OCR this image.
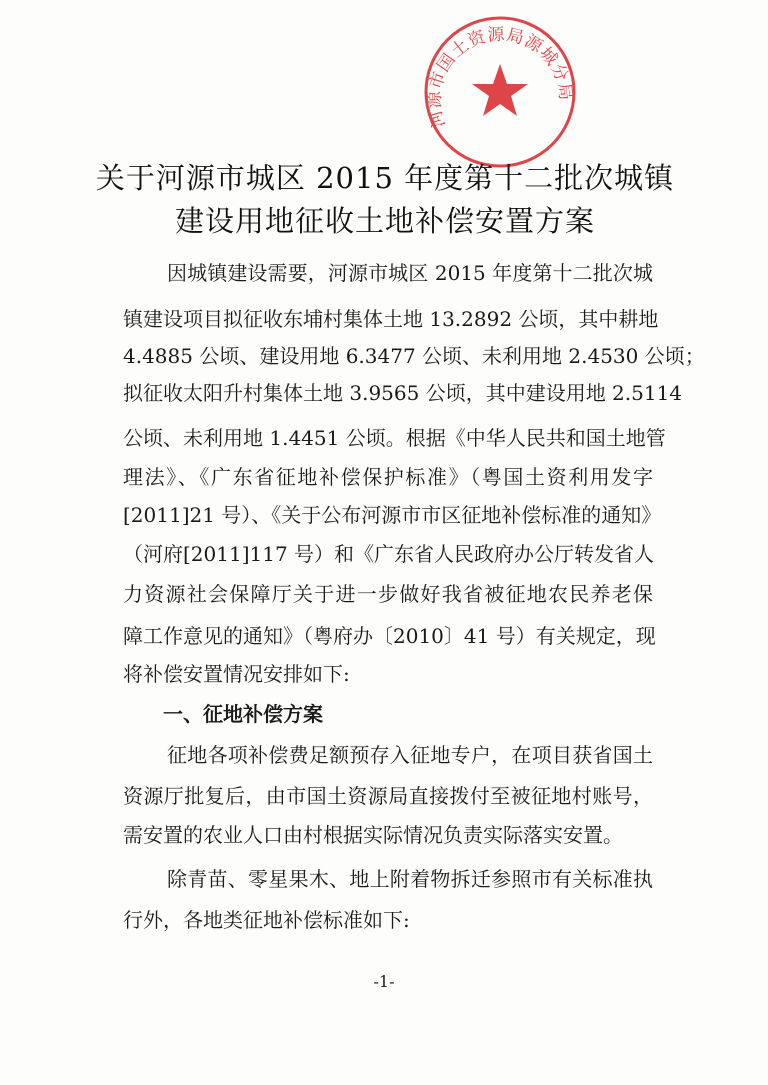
河源市国土资源局源城分局
关于河源市城区 2015 年度第十二批次城镇
建设用地征收土地补偿安置方案
因城镇建设需要，河源市城区 2015 年度第十二批次城
镇建设项目拟征收东埔村集体土地 13.2892 公顷，其中耕地
4.4885 公顷、建设用地 6.3477 公顷、未利用地 2.4530 公顷；
拟征收太阳升村集体土地 3.9565 公顷，其中建设用地 2.5114
公顷、未利用地 1.4451 公顷。根据《中华人民共和国土地管
理法》、《广东省征地补偿保护标准》（粤国土资利用发字
[2011]21 号）、《关于公布河源市市区征地补偿标准的通知》
（河府[2011]117 号）和《广东省人民政府办公厅转发省人
力资源社会保障厅关于进一步做好我省被征地农民养老保
障工作意见的通知》（粤府办〔2010〕41 号）有关规定，现
将补偿安置情况安排如下:
一、征地补偿方案
征地各项补偿费足额预存入征地专户，在项目获省国土
资源厅批复后，由市国土资源局直接拨付至被征地村账号，
需安置的农业人口由村根据实际情况负责实际落实安置。
除青苗、零星果木、地上附着物拆迁参照市有关标准执
行外，各地类征地补偿标准如下:
-1-
